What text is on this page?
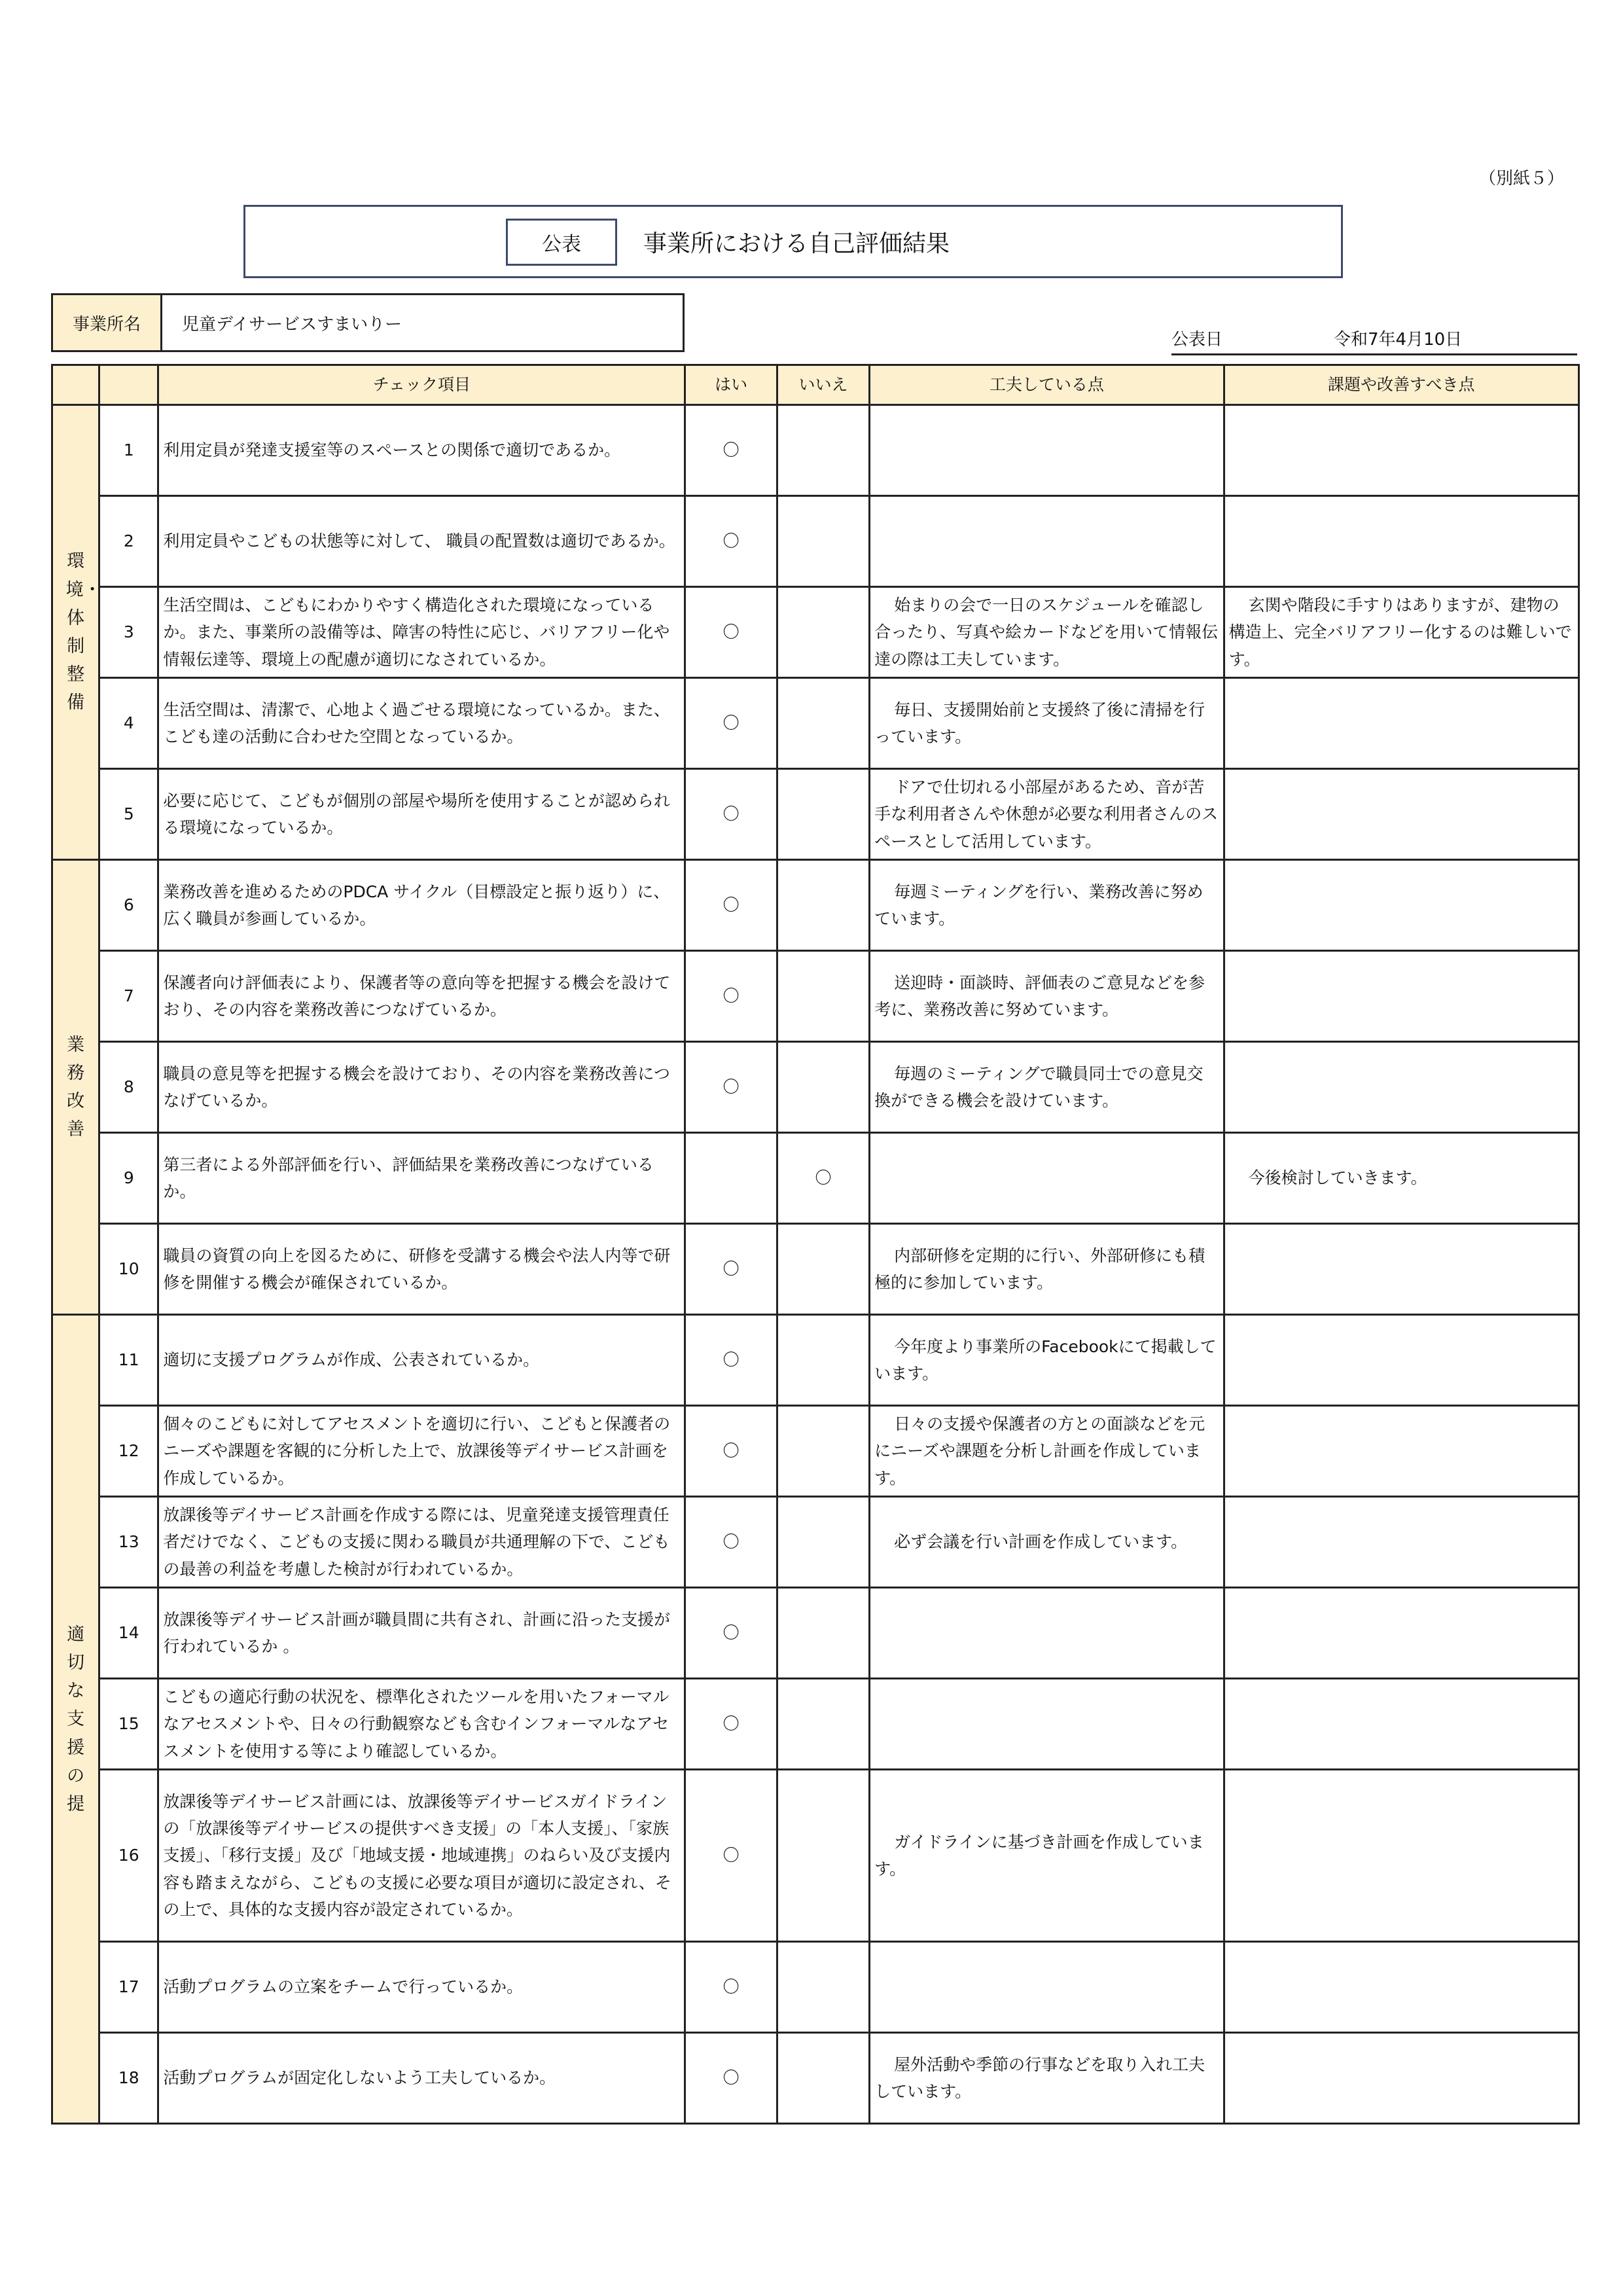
（別紙５）
公表	事業所における自己評価結果
事業所名	児童デイサービスすまいりー
公表日	令和7年4月10日
		チェック項目	はい	いいえ	工夫している点	課題や改善すべき点
環境・体制整備	1	利用定員が発達支援室等のスペースとの関係で適切であるか。	〇			
	2	利用定員やこどもの状態等に対して、 職員の配置数は適切であるか。	〇			
	3	生活空間は、こどもにわかりやすく構造化された環境になっているか。また、事業所の設備等は、障害の特性に応じ、バリアフリー化や情報伝達等、環境上の配慮が適切になされているか。	〇		始まりの会で一日のスケジュールを確認し合ったり、写真や絵カードなどを用いて情報伝達の際は工夫しています。	玄関や階段に手すりはありますが、建物の構造上、完全バリアフリー化するのは難しいです。
	4	生活空間は、清潔で、心地よく過ごせる環境になっているか。また、こども達の活動に合わせた空間となっているか。	〇		毎日、支援開始前と支援終了後に清掃を行っています。	
	5	必要に応じて、こどもが個別の部屋や場所を使用することが認められる環境になっているか。	〇		ドアで仕切れる小部屋があるため、音が苦手な利用者さんや休憩が必要な利用者さんのスペースとして活用しています。	
業務改善	6	業務改善を進めるためのPDCA サイクル（目標設定と振り返り）に、広く職員が参画しているか。	〇		毎週ミーティングを行い、業務改善に努めています。	
	7	保護者向け評価表により、保護者等の意向等を把握する機会を設けており、その内容を業務改善につなげているか。	〇		送迎時・面談時、評価表のご意見などを参考に、業務改善に努めています。	
	8	職員の意見等を把握する機会を設けており、その内容を業務改善につなげているか。	〇		毎週のミーティングで職員同士での意見交換ができる機会を設けています。	
	9	第三者による外部評価を行い、評価結果を業務改善につなげているか。		〇		今後検討していきます。
	10	職員の資質の向上を図るために、研修を受講する機会や法人内等で研修を開催する機会が確保されているか。	〇		内部研修を定期的に行い、外部研修にも積極的に参加しています。	
適切な支援の提	11	適切に支援プログラムが作成、公表されているか。	〇		今年度より事業所のFacebookにて掲載しています。	
	12	個々のこどもに対してアセスメントを適切に行い、こどもと保護者のニーズや課題を客観的に分析した上で、放課後等デイサービス計画を作成しているか。	〇		日々の支援や保護者の方との面談などを元にニーズや課題を分析し計画を作成しています。	
	13	放課後等デイサービス計画を作成する際には、児童発達支援管理責任者だけでなく、こどもの支援に関わる職員が共通理解の下で、こどもの最善の利益を考慮した検討が行われているか。	〇		必ず会議を行い計画を作成しています。	
	14	放課後等デイサービス計画が職員間に共有され、計画に沿った支援が行われているか 。	〇			
	15	こどもの適応行動の状況を、標準化されたツールを用いたフォーマルなアセスメントや、日々の行動観察なども含むインフォーマルなアセスメントを使用する等により確認しているか。	〇			
	16	放課後等デイサービス計画には、放課後等デイサービスガイドラインの「放課後等デイサービスの提供すべき支援」の「本人支援」、「家族支援」、「移行支援」及び「地域支援・地域連携」のねらい及び支援内容も踏まえながら、こどもの支援に必要な項目が適切に設定され、その上で、具体的な支援内容が設定されているか。	〇		ガイドラインに基づき計画を作成しています。	
	17	活動プログラムの立案をチームで行っているか。	〇			
	18	活動プログラムが固定化しないよう工夫しているか。	〇		屋外活動や季節の行事などを取り入れ工夫しています。	
